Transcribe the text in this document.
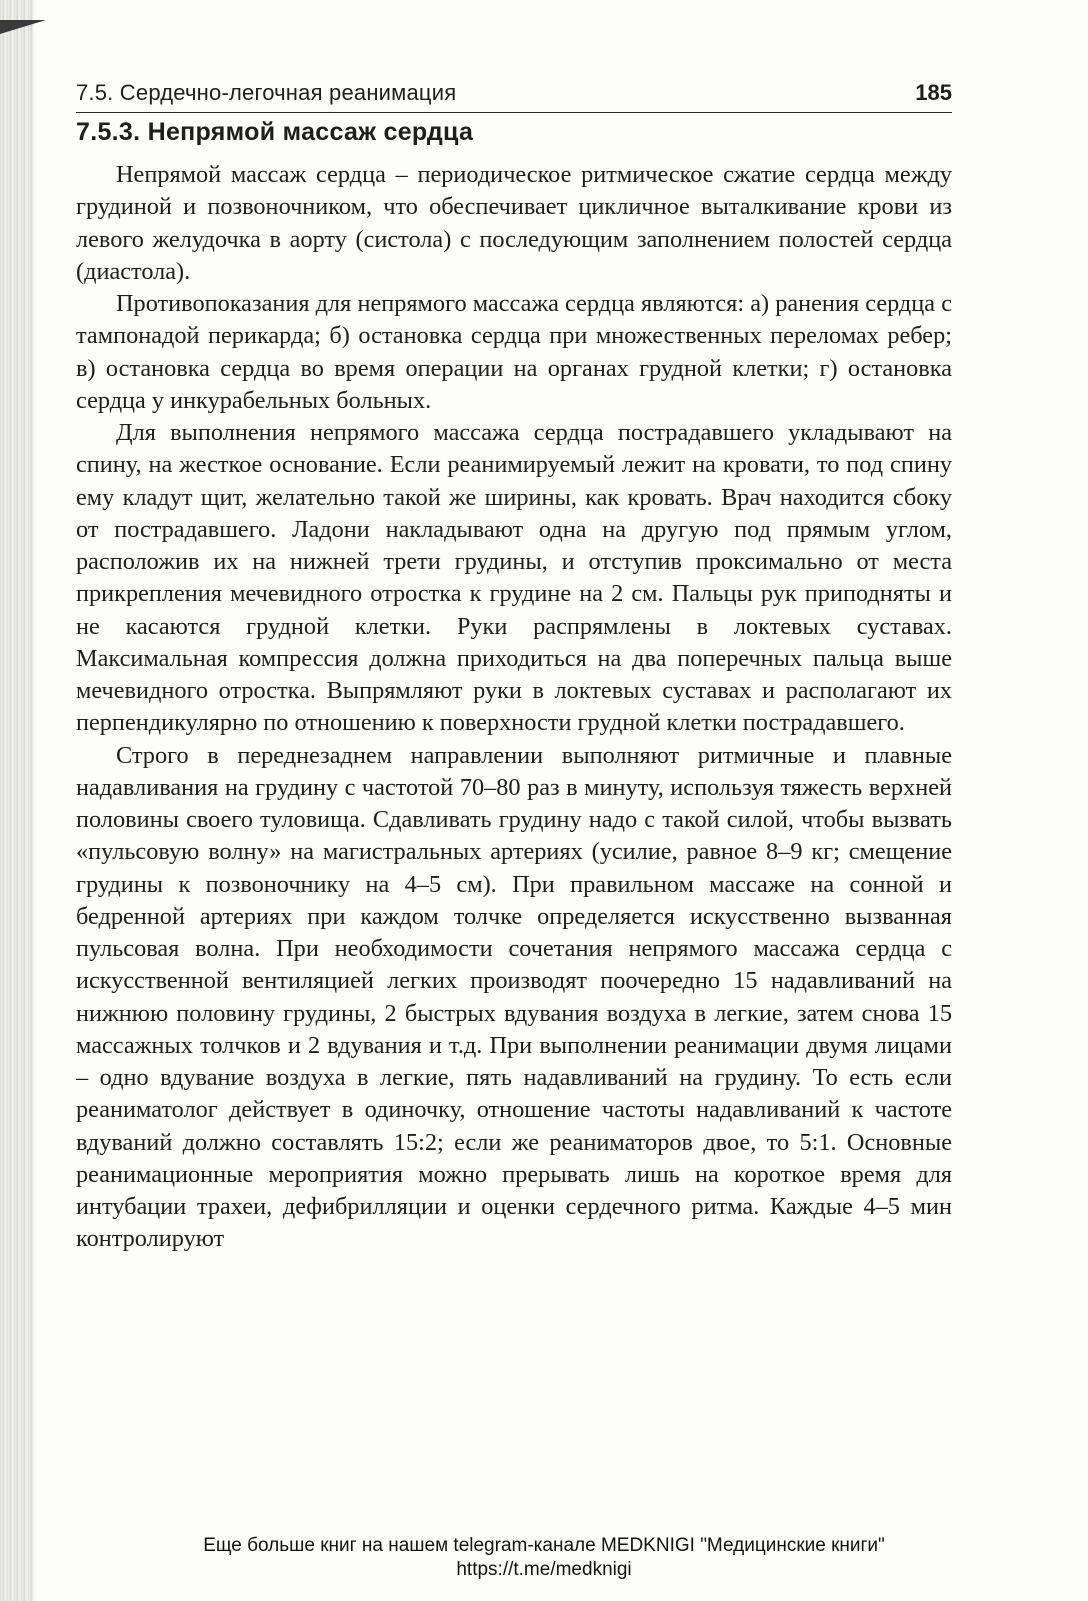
7.5. Сердечно-легочная реанимация	185
7.5.3. Непрямой массаж сердца

Непрямой массаж сердца – периодическое ритмическое сжатие сердца между грудиной и позвоночником, что обеспечивает цикличное выталкивание крови из левого желудочка в аорту (систола) с последующим заполнением полостей сердца (диастола).

Противопоказания для непрямого массажа сердца являются: а) ранения сердца с тампонадой перикарда; б) остановка сердца при множественных переломах ребер; в) остановка сердца во время операции на органах грудной клетки; г) остановка сердца у инкурабельных больных.

Для выполнения непрямого массажа сердца пострадавшего укладывают на спину, на жесткое основание. Если реанимируемый лежит на кровати, то под спину ему кладут щит, желательно такой же ширины, как кровать. Врач находится сбоку от пострадавшего. Ладони накладывают одна на другую под прямым углом, расположив их на нижней трети грудины, и отступив проксимально от места прикрепления мечевидного отростка к грудине на 2 см. Пальцы рук приподняты и не касаются грудной клетки. Руки распрямлены в локтевых суставах. Максимальная компрессия должна приходиться на два поперечных пальца выше мечевидного отростка. Выпрямляют руки в локтевых суставах и располагают их перпендикулярно по отношению к поверхности грудной клетки пострадавшего.

Строго в переднезаднем направлении выполняют ритмичные и плавные надавливания на грудину с частотой 70–80 раз в минуту, используя тяжесть верхней половины своего туловища. Сдавливать грудину надо с такой силой, чтобы вызвать «пульсовую волну» на магистральных артериях (усилие, равное 8–9 кг; смещение грудины к позвоночнику на 4–5 см). При правильном массаже на сонной и бедренной артериях при каждом толчке определяется искусственно вызванная пульсовая волна. При необходимости сочетания непрямого массажа сердца с искусственной вентиляцией легких производят поочередно 15 надавливаний на нижнюю половину грудины, 2 быстрых вдувания воздуха в легкие, затем снова 15 массажных толчков и 2 вдувания и т.д. При выполнении реанимации двумя лицами – одно вдувание воздуха в легкие, пять надавливаний на грудину. То есть если реаниматолог действует в одиночку, отношение частоты надавливаний к частоте вдуваний должно составлять 15:2; если же реаниматоров двое, то 5:1. Основные реанимационные мероприятия можно прерывать лишь на короткое время для интубации трахеи, дефибрилляции и оценки сердечного ритма. Каждые 4–5 мин контролируют

Еще больше книг на нашем telegram-канале MEDKNIGI "Медицинские книги"
https://t.me/medknigi
